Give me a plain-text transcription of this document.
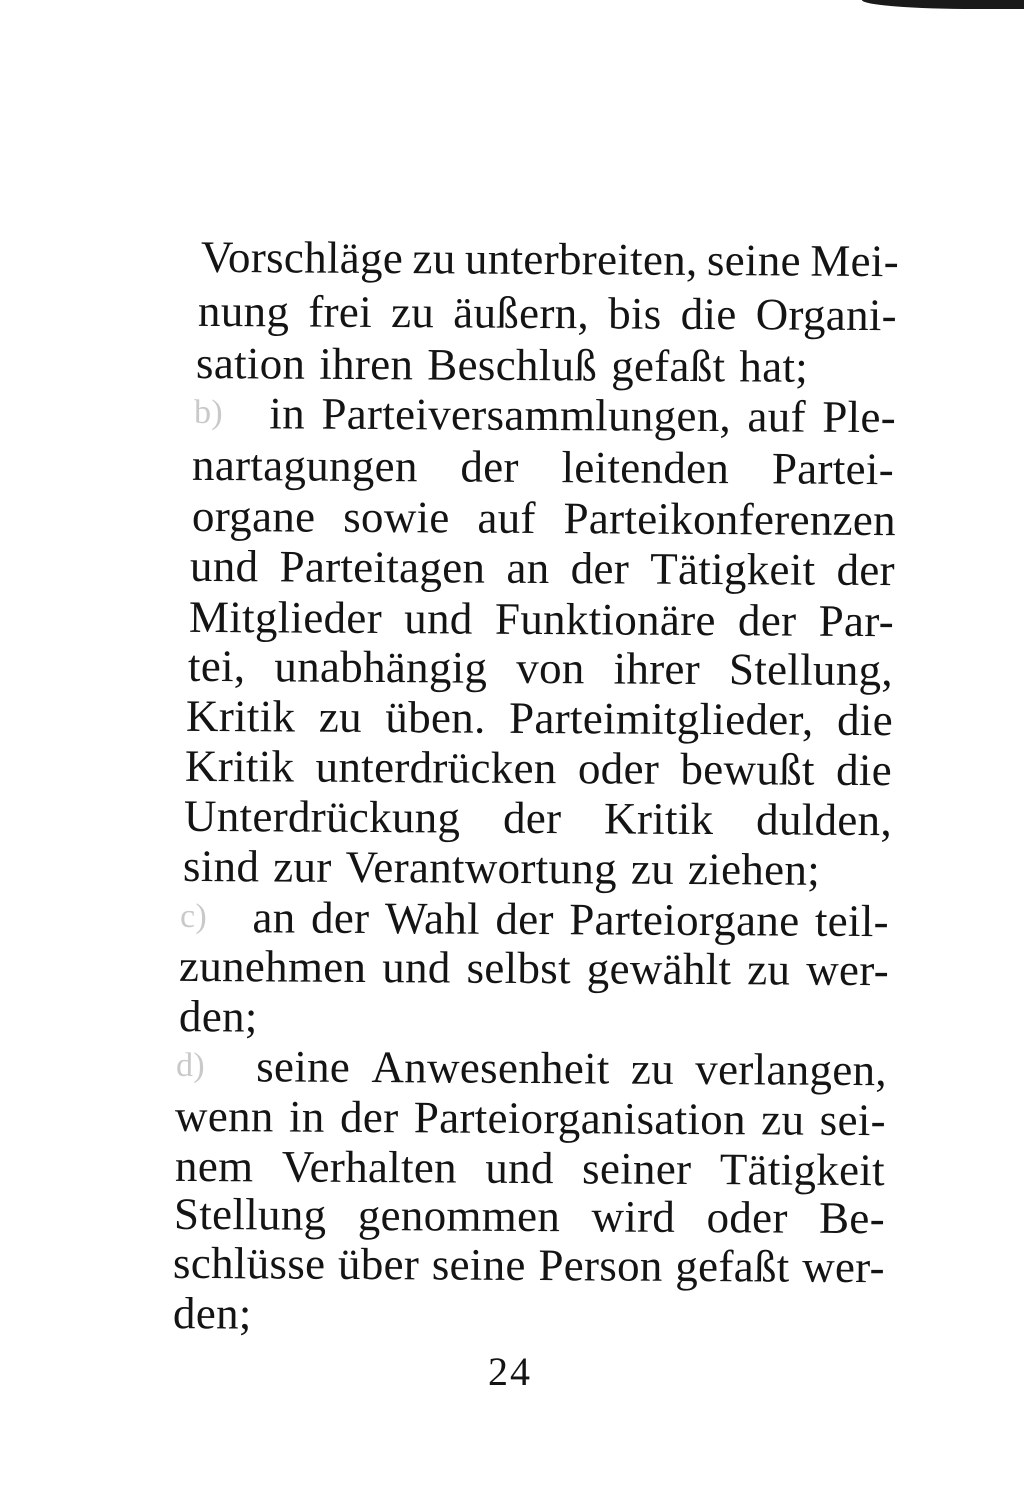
Vorschläge zu unterbreiten, seine Mei-
nung frei zu äußern, bis die Organi-
sation ihren Beschluß gefaßt hat;
b) in Parteiversammlungen, auf Ple-
nartagungen der leitenden Partei-
organe sowie auf Parteikonferenzen
und Parteitagen an der Tätigkeit der
Mitglieder und Funktionäre der Par-
tei, unabhängig von ihrer Stellung,
Kritik zu üben. Parteimitglieder, die
Kritik unterdrücken oder bewußt die
Unterdrückung der Kritik dulden,
sind zur Verantwortung zu ziehen;
c) an der Wahl der Parteiorgane teil-
zunehmen und selbst gewählt zu wer-
den;
d) seine Anwesenheit zu verlangen,
wenn in der Parteiorganisation zu sei-
nem Verhalten und seiner Tätigkeit
Stellung genommen wird oder Be-
schlüsse über seine Person gefaßt wer-
den;
24
